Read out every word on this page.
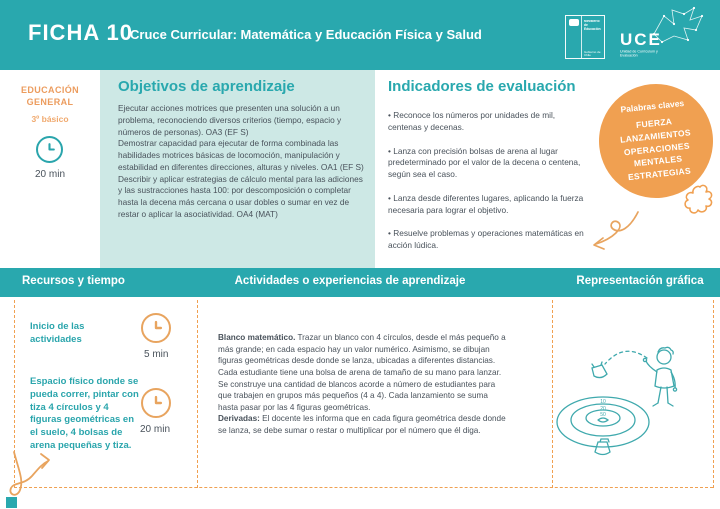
FICHA 10
Cruce Curricular: Matemática y Educación Física y Salud
Ministerio de
Educación
Gobierno de Chile
UCE
Unidad de Currículum y Evaluación
EDUCACIÓN GENERAL
3º básico
20 min
Objetivos de aprendizaje

Ejecutar acciones motrices que presenten una solución a un problema, reconociendo diversos criterios (tiempo, espacio y números de personas). OA3 (EF S)

Demostrar capacidad para ejecutar de forma combinada las habilidades motrices básicas de locomoción, manipulación y estabilidad en diferentes direcciones, alturas y niveles. OA1 (EF S)

Describir y aplicar estrategias de cálculo mental para las adiciones y las sustracciones hasta 100: por descomposición o completar hasta la decena más cercana o usar dobles o sumar en vez de restar o aplicar la asociatividad. OA4 (MAT)

Indicadores de evaluación

• Reconoce los números por unidades de mil, centenas y decenas.

• Lanza con precisión bolsas de arena al lugar predeterminado por el valor de la decena o centena, según sea el caso.

• Lanza desde diferentes lugares, aplicando la fuerza necesaria para lograr el objetivo.

• Resuelve problemas y operaciones matemáticas en acción lúdica.

Palabras claves
FUERZA
LANZAMIENTOS
OPERACIONES
MENTALES
ESTRATEGIAS
Recursos y tiempo	Actividades o experiencias de aprendizaje	Representación gráfica
Inicio de las actividades
5 min
Espacio físico donde se pueda correr, pintar con tiza 4 círculos y 4 figuras geométricas en el suelo, 4 bolsas de arena pequeñas y tiza.
20 min

Blanco matemático. Trazar un blanco con 4 círculos, desde el más pequeño a más grande; en cada espacio hay un valor numérico. Asimismo, se dibujan figuras geométricas desde donde se lanza, ubicadas a diferentes distancias. Cada estudiante tiene una bolsa de arena de tamaño de su mano para lanzar. Se construye una cantidad de blancos acorde a número de estudiantes para que trabajen en grupos más pequeños (4 a 4). Cada lanzamiento se suma hasta pasar por las 4 figuras geométricas.

Derivadas: El docente les informa que en cada figura geométrica desde donde se lanza, se debe sumar o restar o multiplicar por el número que él diga.

10
20
50
